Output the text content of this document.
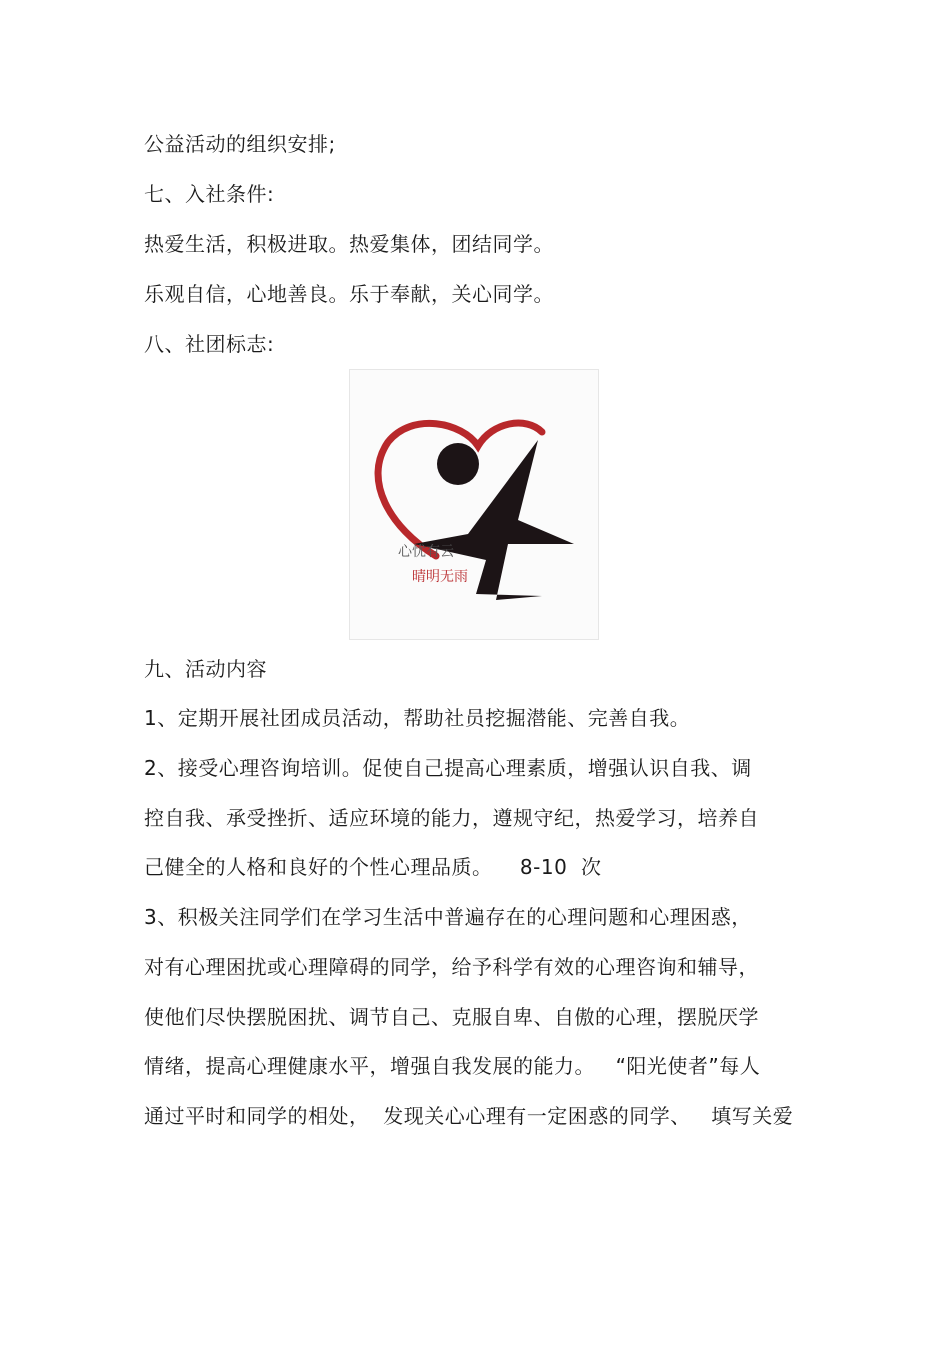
公益活动的组织安排;
七、入社条件:
热爱生活，积极进取。热爱集体，团结同学。
乐观自信，心地善良。乐于奉献，关心同学。
八、社团标志:
心忧有云
晴明无雨
九、活动内容
1、定期开展社团成员活动，帮助社员挖掘潜能、完善自我。
2、接受心理咨询培训。促使自己提高心理素质，增强认识自我、调
控自我、承受挫折、适应环境的能力，遵规守纪，热爱学习，培养自
己健全的人格和良好的个性心理品质。    8-10  次
3、积极关注同学们在学习生活中普遍存在的心理问题和心理困惑，
对有心理困扰或心理障碍的同学，给予科学有效的心理咨询和辅导，
使他们尽快摆脱困扰、调节自己、克服自卑、自傲的心理，摆脱厌学
情绪，提高心理健康水平，增强自我发展的能力。   “阳光使者”每人
通过平时和同学的相处，  发现关心心理有一定困惑的同学、   填写关爱
